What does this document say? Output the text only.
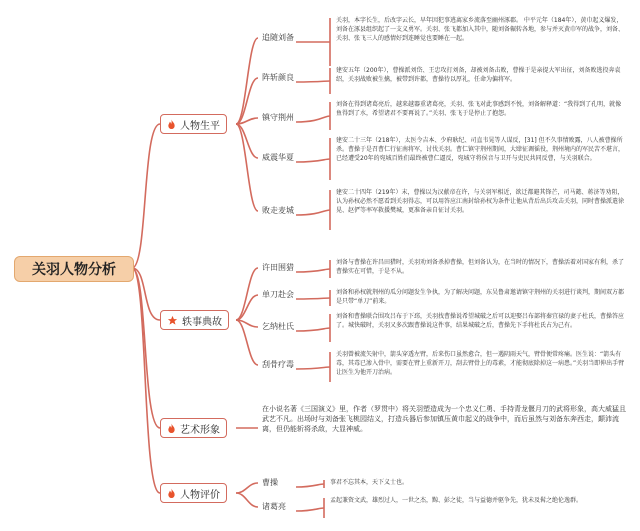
关羽人物分析
人物生平
追随刘备
关羽，本字长生，后改字云长，早年因犯事逃离家乡流落至幽州涿郡。 中平元年（184年），黄巾起义爆发，刘备在涿县组织起了一支义勇军。关羽、张飞都加入其中，随刘备辗转各地，参与并灭黄巾军的战争，刘备、关羽、张飞三人的感情好到连睡觉也要睡在一起。
阵斩颜良
建安五年（200年），曹操派刘岱、王忠攻打刘备，却被刘备击败，曹操于是亲提大军出征，刘备败逃投奔袁绍，关羽战败被生擒，被带到许都，曹操待以厚礼，任命为偏将军。
镇守荆州
刘备在得到诸葛亮后，越来越器重诸葛亮，关羽、张飞对此事感到不悦，刘备解释道：“我得到了孔明，就像鱼得到了水，希望诸君不要再说了。”关羽、张飞于是停止了抱怨。
威震华夏
建安二十三年（218年），太医令吉本、少府耿纪、司直韦晃等人谋反，[31] 但不久事情败露，八人被曹操所杀。曹操于是召曹仁行征南将军，讨伐关羽。曹仁镇守荆州期间，大肆征调徭役，荆州境内的军民苦不堪言，已经遭受20年的宛城百姓们最终被曹仁逼反，宛城守将侯音与卫开与吏民共同反曹，与关羽联合。
败走麦城
建安二十四年（219年）末，曹操以为汉献帝在许，与关羽军相近，欲迁都避其锋芒，司马懿、蒋济等劝阻，认为孙权必然不愿看到关羽得志，可以用答应江南封给孙权为条件让他从背后出兵攻击关羽，同时曹操派遣徐晃、赵俨等率军救援樊城，更准备亲自征讨关羽。
轶事典故
许田围猎
刘备与曹操在许昌田猎时，关羽劝刘备杀掉曹操，但刘备认为，在当时的情况下，曹操活着对国家有利，杀了曹操实在可惜，于是不从。
单刀赴会	刘备和孙权就荆州的瓜分问题发生争执，为了解决问题，东吴鲁肃邀请镇守荆州的关羽进行谈判，期间双方都是只带“单刀”前来。
乞纳杜氏
刘备和曹操联合围攻吕布于下邳，关羽找曹操说希望城破之后可以迎娶吕布部将秦宜禄的妻子杜氏，曹操答应了。城快破时，关羽又多次跟曹操说这件事，结果城破之后，曹操先下手将杜氏占为己有。
刮骨疗毒
关羽曾被流矢射中，箭头穿透左臂，后来伤口虽然愈合，但一遇阴雨天气，臂骨便常疼痛。医生说：“箭头有毒，其毒已渗入骨中，需要在臂上重新开刀，刮去臂骨上的毒素，才能彻底除掉这一病患。”关羽当即伸出手臂让医生为他开刀治病。
艺术形象
在小说名著《三国演义》里，作者（罗贯中）将关羽塑造成为一个忠义仁勇、手持青龙偃月刀的武将形象，高大威猛且武艺不凡。出场时与刘备张飞桃园结义，打造兵器后参加镇压黄巾起义的战争中，而后虽然与刘备东奔西走，颠沛流离，但仍能斩将杀敌，大显神威。
人物评价
曹操	事君不忘其本，天下义士也。
诸葛亮
孟起兼资文武，雄烈过人，一世之杰，黥、彭之徒，当与益德并驱争先，犹未及髯之绝伦逸群。
